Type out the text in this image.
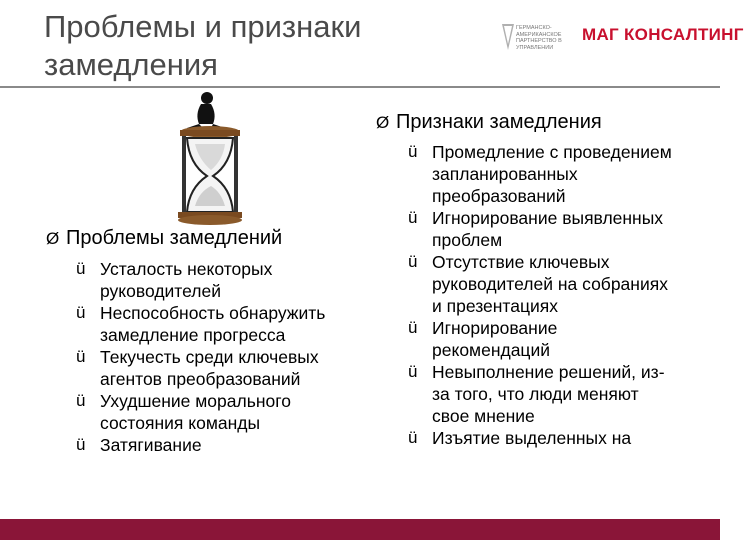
Проблемы и признаки замедления
ГЕРМАНСКО-АМЕРИКАНСКОЕ ПАРТНЕРСТВО В УПРАВЛЕНИИ
МАГ КОНСАЛТИНГ
Ø Проблемы замедлений
ü Усталость некоторых руководителей
ü Неспособность обнаружить замедление прогресса
ü Текучесть среди ключевых агентов преобразований
ü Ухудшение морального состояния команды
ü Затягивание
Ø Признаки замедления
ü Промедление с проведением запланированных преобразований
ü Игнорирование выявленных проблем
ü Отсутствие ключевых руководителей на собраниях и презентациях
ü Игнорирование рекомендаций
ü Невыполнение решений, из-за того, что люди меняют свое мнение
ü Изъятие выделенных на
